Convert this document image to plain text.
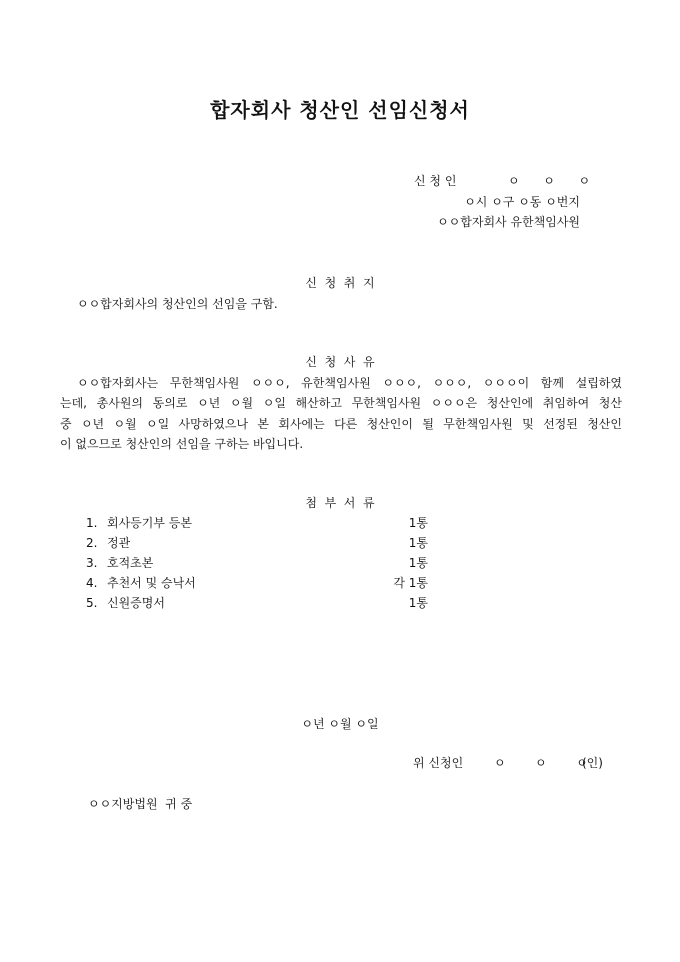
합자회사 청산인 선임신청서
신 청 인	ㅇ  ㅇ  ㅇ
ㅇ시 ㅇ구 ㅇ동 ㅇ번지
ㅇㅇ합자회사 유한책임사원
신  청  취  지
ㅇㅇ합자회사의 청산인의 선임을 구함.
신  청  사  유
ㅇㅇ합자회사는 무한책임사원 ㅇㅇㅇ, 유한책임사원 ㅇㅇㅇ, ㅇㅇㅇ, ㅇㅇㅇ이 함께 설립하였
는데, 총사원의 동의로 ㅇ년 ㅇ월 ㅇ일 해산하고 무한책임사원 ㅇㅇㅇ은 청산인에 취임하여 청산
중 ㅇ년 ㅇ월 ㅇ일 사망하였으나 본 회사에는 다른 청산인이 될 무한책임사원 및 선정된 청산인
이 없으므로 청산인의 선임을 구하는 바입니다.
첨  부  서  류
1. 회사등기부 등본	1통
2. 정관	1통
3. 호적초본	1통
4. 추천서 및 승낙서	각 1통
5. 신원증명서	1통
ㅇ년 ㅇ월 ㅇ일
위 신청인	ㅇ   ㅇ   ㅇ
(인)
ㅇㅇ지방법원  귀 중
